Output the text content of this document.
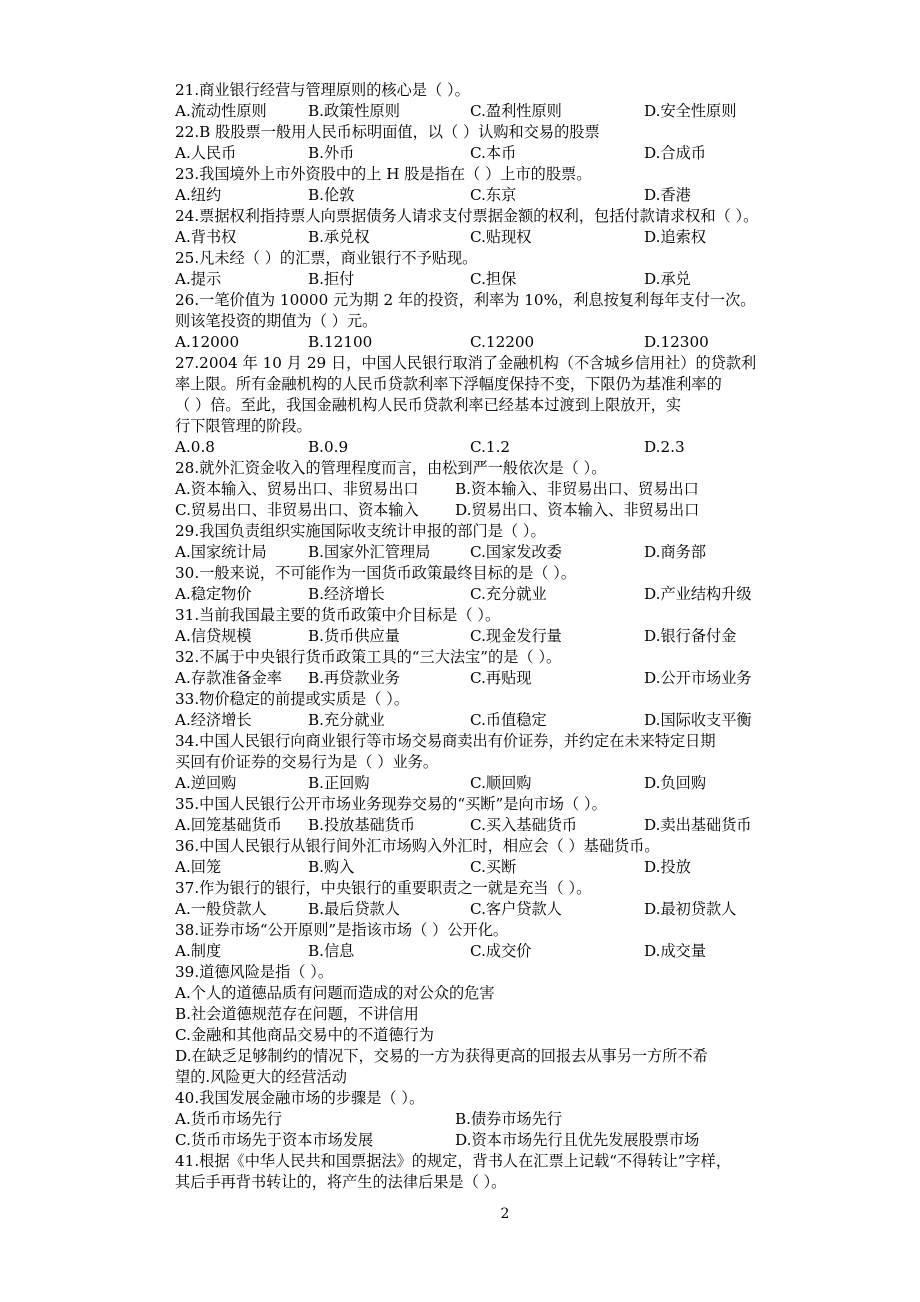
2
21.商业银行经营与管理原则的核心是（ ）。
A.流动性原则	B.政策性原则	C.盈利性原则	D.安全性原则
22.B 股股票一般用人民币标明面值，以（ ）认购和交易的股票
A.人民币	B.外币	C.本币	D.合成币
23.我国境外上市外资股中的上 H 股是指在（ ）上市的股票。
A.纽约	B.伦敦	C.东京	D.香港
24.票据权利指持票人向票据债务人请求支付票据金额的权利，包括付款请求权和（ ）。
A.背书权	B.承兑权	C.贴现权	D.追索权
25.凡未经（ ）的汇票，商业银行不予贴现。
A.提示	B.拒付	C.担保	D.承兑
26.一笔价值为 10000 元为期 2 年的投资，利率为 10%，利息按复利每年支付一次。
则该笔投资的期值为（ ）元。
A.12000	B.12100	C.12200	D.12300
27.2004 年 10 月 29 日，中国人民银行取消了金融机构（不含城乡信用社）的贷款利
率上限。所有金融机构的人民币贷款利率下浮幅度保持不变，下限仍为基准利率的
（ ）倍。至此，我国金融机构人民币贷款利率已经基本过渡到上限放开，实
行下限管理的阶段。
A.0.8	B.0.9	C.1.2	D.2.3
28.就外汇资金收入的管理程度而言，由松到严一般依次是（ ）。
A.资本输入、贸易出口、非贸易出口 B.资本输入、非贸易出口、贸易出口
C.贸易出口、非贸易出口、资本输入 D.贸易出口、资本输入、非贸易出口
29.我国负责组织实施国际收支统计申报的部门是（ ）。
A.国家统计局	B.国家外汇管理局	C.国家发改委	D.商务部
30.一般来说，不可能作为一国货币政策最终目标的是（ ）。
A.稳定物价	B.经济增长	C.充分就业	D.产业结构升级
31.当前我国最主要的货币政策中介目标是（ ）。
A.信贷规模	B.货币供应量	C.现金发行量	D.银行备付金
32.不属于中央银行货币政策工具的“三大法宝”的是（ ）。
A.存款准备金率 B.再贷款业务	C.再贴现	D.公开市场业务
33.物价稳定的前提或实质是（ ）。
A.经济增长	B.充分就业	C.币值稳定	D.国际收支平衡
34.中国人民银行向商业银行等市场交易商卖出有价证券，并约定在未来特定日期
买回有价证券的交易行为是（ ）业务。
A.逆回购	B.正回购	C.顺回购	D.负回购
35.中国人民银行公开市场业务现券交易的“买断”是向市场（ ）。
A.回笼基础货币 B.投放基础货币	C.买入基础货币	D.卖出基础货币
36.中国人民银行从银行间外汇市场购入外汇时，相应会（ ）基础货币。
A.回笼	B.购入	C.买断	D.投放
37.作为银行的银行，中央银行的重要职责之一就是充当（ ）。
A.一般贷款人	B.最后贷款人	C.客户贷款人	D.最初贷款人
38.证券市场“公开原则”是指该市场（ ）公开化。
A.制度	B.信息	C.成交价	D.成交量
39.道德风险是指（ ）。
A.个人的道德品质有问题而造成的对公众的危害
B.社会道德规范存在问题，不讲信用
C.金融和其他商品交易中的不道德行为
D.在缺乏足够制约的情况下，交易的一方为获得更高的回报去从事另一方所不希
望的.风险更大的经营活动
40.我国发展金融市场的步骤是（ ）。
A.货币市场先行	B.债券市场先行
C.货币市场先于资本市场发展	D.资本市场先行且优先发展股票市场
41.根据《中华人民共和国票据法》的规定，背书人在汇票上记载“不得转让”字样，
其后手再背书转让的，将产生的法律后果是（ ）。
